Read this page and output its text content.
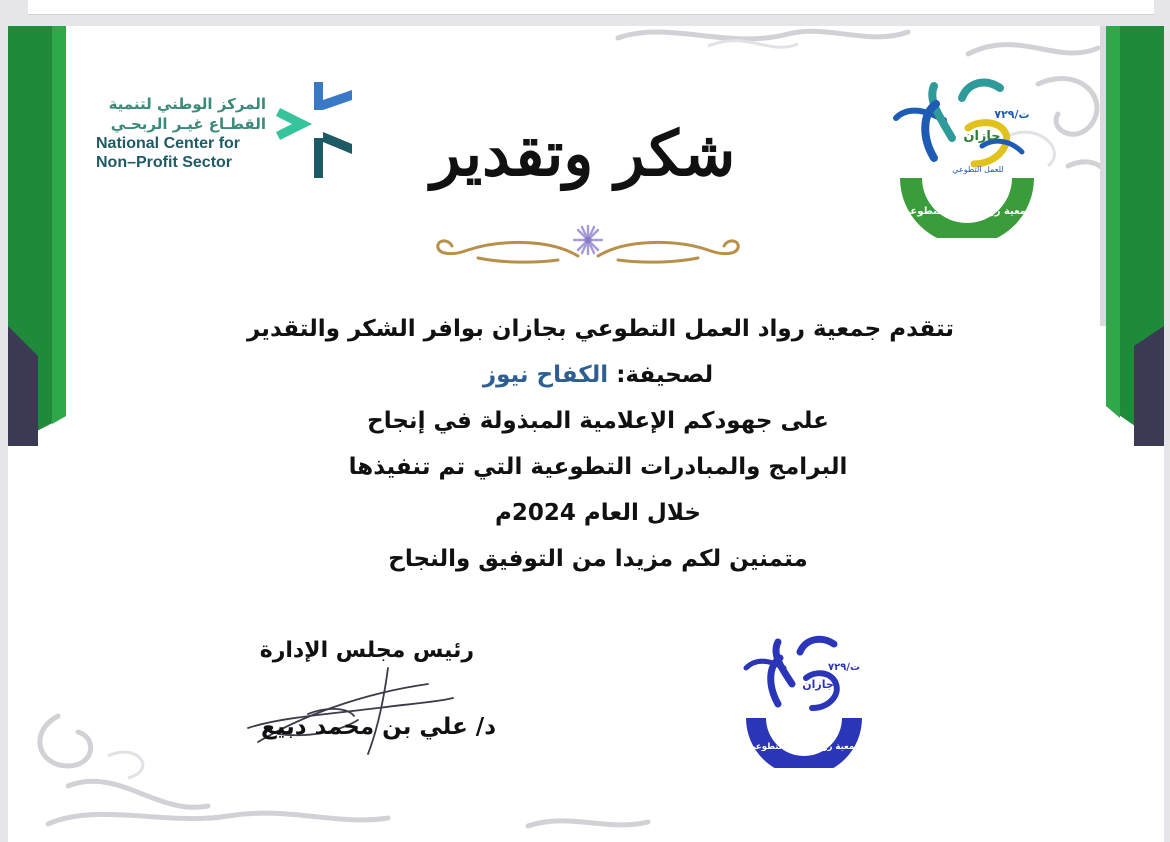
المركز الوطني لتنمية
القطـاع غيـر الربحـي
National Center for
Non–Profit Sector	شكر وتقدير
ت/٧٢٩
جازان
للعمل التطوعي
جمعية رواد العمل التطوعي
تتقدم جمعية رواد العمل التطوعي بجازان بوافر الشكر والتقدير
لصحيفة: الكفاح نيوز
على جهودكم الإعلامية المبذولة في إنجاح
البرامج والمبادرات التطوعية التي تم تنفيذها
خلال العام 2024م
متمنين لكم مزيدا من التوفيق والنجاح
رئيس مجلس الإدارة
د/ علي بن محمد دبيع
ت/٧٢٩
جازان
جمعية رواد العمل التطوعي
